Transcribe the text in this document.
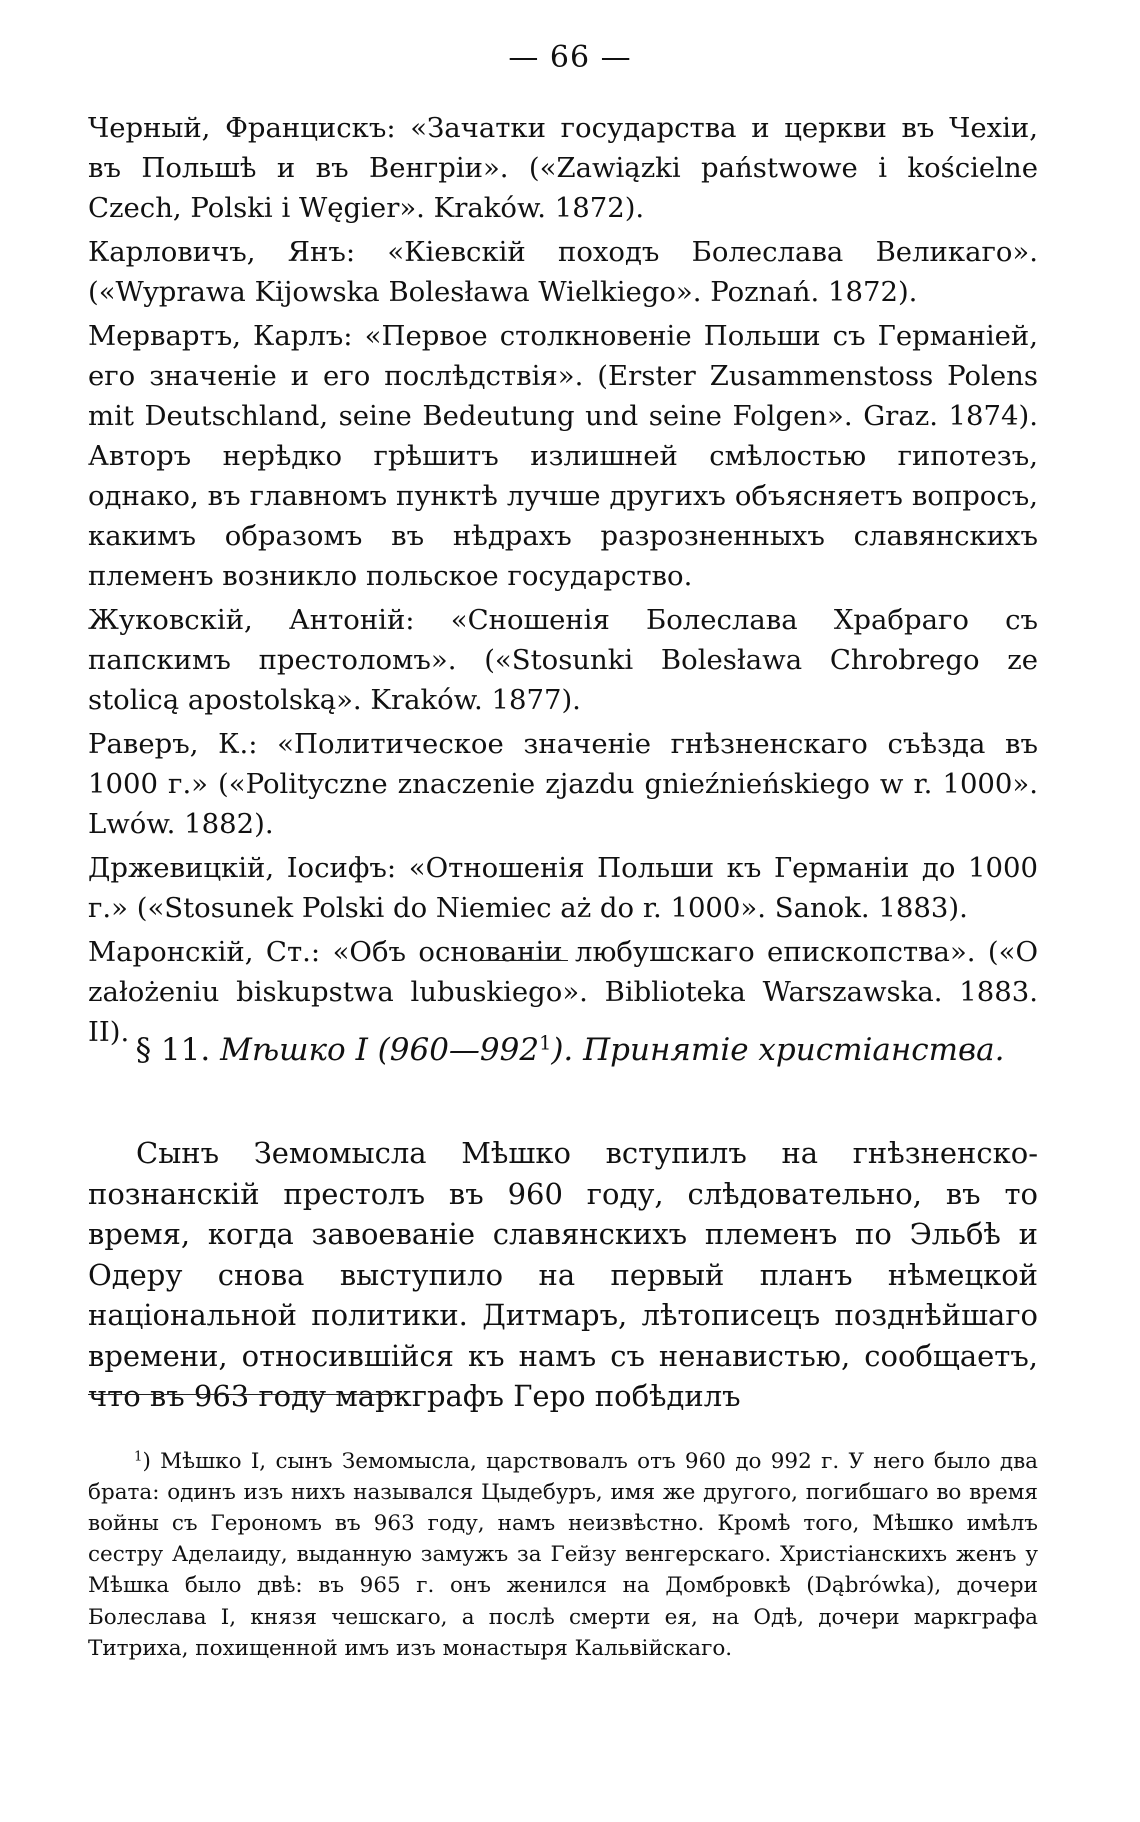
— 66 —

Черный, Францискъ: «Зачатки государства и церкви въ Чехіи, въ Польшѣ и въ Венгріи». («Zawiązki państwowe i kościelne Czech, Polski i Węgier». Kraków. 1872).

Карловичъ, Янъ: «Кіевскій походъ Болеслава Великаго». («Wyprawa Kijowska Bolesława Wielkiego». Poznań. 1872).

Мервартъ, Карлъ: «Первое столкновеніе Польши съ Германіей, его значеніе и его послѣдствія». (Erster Zusammenstoss Polens mit Deutschland, seine Bedeutung und seine Folgen». Graz. 1874). Авторъ нерѣдко грѣшитъ излишней смѣлостью гипотезъ, однако, въ главномъ пунктѣ лучше другихъ объясняетъ вопросъ, какимъ образомъ въ нѣдрахъ разрозненныхъ славянскихъ племенъ возникло польское государство.

Жуковскій, Антоній: «Сношенія Болеслава Храбраго съ папскимъ престоломъ». («Stosunki Bolesława Chrobrego ze stolicą apostolską». Kraków. 1877).

Раверъ, К.: «Политическое значеніе гнѣзненскаго съѣзда въ 1000 г.» («Polityczne znaczenie zjazdu gnieźnieńskiego w r. 1000». Lwów. 1882).

Држевицкій, Іосифъ: «Отношенія Польши къ Германіи до 1000 г.» («Stosunek Polski do Niemiec aż do r. 1000». Sanok. 1883).

Маронскій, Ст.: «Объ основаніи любушскаго епископства». («O założeniu biskupstwa lubuskiego». Biblioteka Warszawska. 1883. II). § 11. Мѣшко I $(960—992^1)$. Принятіе христіанства.

Сынъ Земомысла Мѣшко вступилъ на гнѣзненско-познанскій престолъ въ 960 году, слѣдовательно, въ то время, когда завоеваніе славянскихъ племенъ по Эльбѣ и Одеру снова выступило на первый планъ нѣмецкой національной политики. Дитмаръ, лѣтописецъ позднѣйшаго времени, относившійся къ намъ съ ненавистью, сообщаетъ, что въ 963 году маркграфъ Геро побѣдилъ

$^1$) Мѣшко I, сынъ Земомысла, царствовалъ отъ 960 до 992 г. У него было два брата: одинъ изъ нихъ назывался Цыдебуръ, имя же другого, погибшаго во время войны съ Герономъ въ 963 году, намъ неизвѣстно. Кромѣ того, Мѣшко имѣлъ сестру Аделаиду, выданную замужъ за Гейзу венгерскаго. Христіанскихъ женъ у Мѣшка было двѣ: въ 965 г. онъ женился на Домбровкѣ (Dąbrówka), дочери Болеслава I, князя чешскаго, а послѣ смерти ея, на Одѣ, дочери маркграфа Титриха, похищенной имъ изъ монастыря Кальвійскаго.
